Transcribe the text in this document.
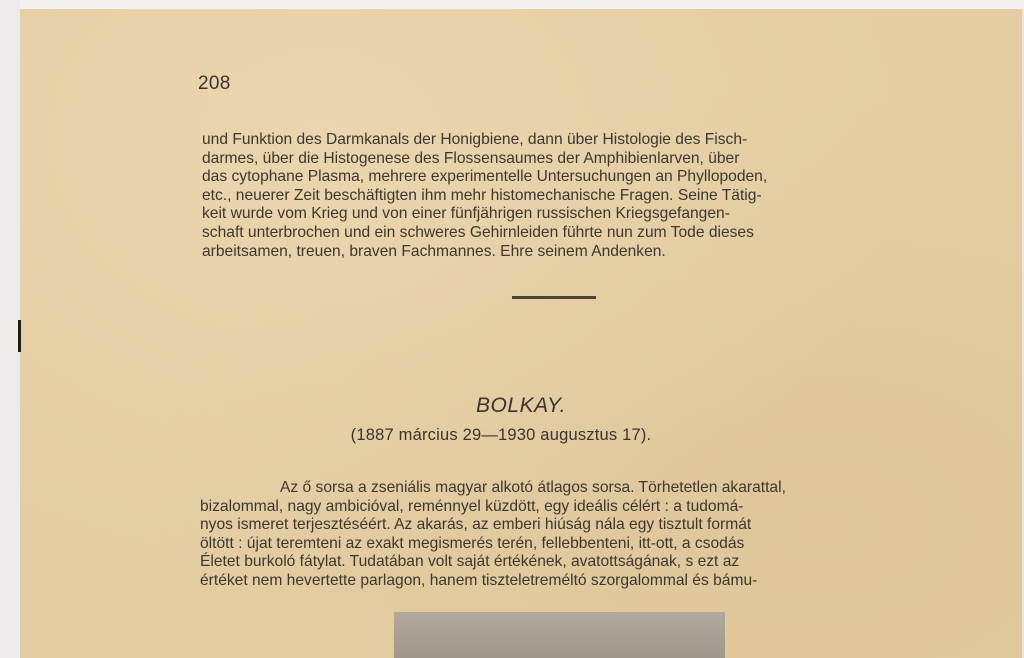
208
und Funktion des Darmkanals der Honigbiene, dann über Histologie des Fisch-
darmes, über die Histogenese des Flossensaumes der Amphibienlarven, über
das cytophane Plasma, mehrere experimentelle Untersuchungen an Phyllopoden,
etc., neuerer Zeit beschäftigten ihm mehr histomechanische Fragen. Seine Tätig-
keit wurde vom Krieg und von einer fünfjährigen russischen Kriegsgefangen-
schaft unterbrochen und ein schweres Gehirnleiden führte nun zum Tode dieses
arbeitsamen, treuen, braven Fachmannes. Ehre seinem Andenken.
BOLKAY.
(1887 március 29—1930 augusztus 17).
Az ő sorsa a zseniális magyar alkotó átlagos sorsa. Törhetetlen akarattal,
bizalommal, nagy ambicióval, reménnyel küzdött, egy ideális célért : a tudomá-
nyos ismeret terjesztéséért. Az akarás, az emberi hiúság nála egy tisztult formát
öltött : újat teremteni az exakt megismerés terén, fellebbenteni, itt-ott, a csodás
Életet burkoló fátylat. Tudatában volt saját értékének, avatottságának, s ezt az
értéket nem hevertette parlagon, hanem tiszteletreméltó szorgalommal és bámu-
